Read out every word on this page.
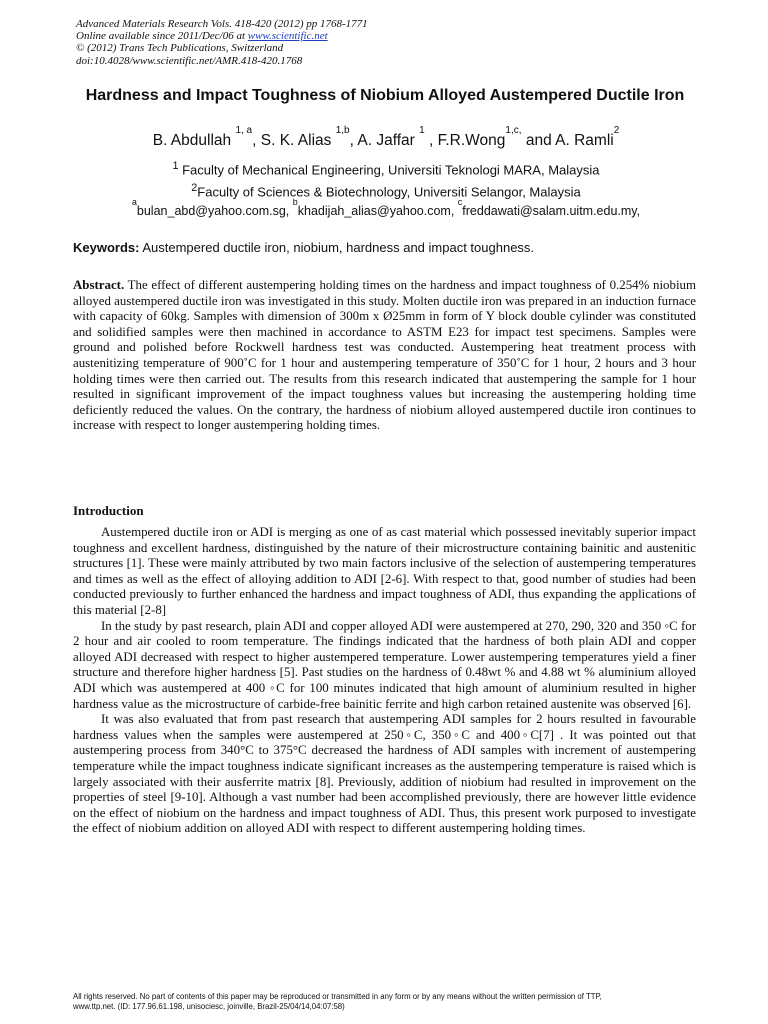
Advanced Materials Research Vols. 418-420 (2012) pp 1768-1771
Online available since 2011/Dec/06 at www.scientific.net
© (2012) Trans Tech Publications, Switzerland
doi:10.4028/www.scientific.net/AMR.418-420.1768
Hardness and Impact Toughness of Niobium Alloyed Austempered Ductile Iron
B. Abdullah $^{1, a}$, S. K. Alias $^{1,b}$, A. Jaffar $^1$ , F.R.Wong$^{1,c,}$ and A. Ramli$^2$
$^1$ Faculty of Mechanical Engineering, Universiti Teknologi MARA, Malaysia
$^2$Faculty of Sciences & Biotechnology, Universiti Selangor, Malaysia
$^a$bulan_abd@yahoo.com.sg, $^b$khadijah_alias@yahoo.com, $^c$freddawati@salam.uitm.edu.my,
Keywords: Austempered ductile iron, niobium, hardness and impact toughness.
Abstract. The effect of different austempering holding times on the hardness and impact toughness of 0.254% niobium alloyed austempered ductile iron was investigated in this study. Molten ductile iron was prepared in an induction furnace with capacity of 60kg. Samples with dimension of 300m x Ø25mm in form of Y block double cylinder was constituted and solidified samples were then machined in accordance to ASTM E23 for impact test specimens. Samples were ground and polished before Rockwell hardness test was conducted. Austempering heat treatment process with austenitizing temperature of 900˚C for 1 hour and austempering temperature of 350˚C for 1 hour, 2 hours and 3 hour holding times were then carried out. The results from this research indicated that austempering the sample for 1 hour resulted in significant improvement of the impact toughness values but increasing the austempering holding time deficiently reduced the values. On the contrary, the hardness of niobium alloyed austempered ductile iron continues to increase with respect to longer austempering holding times.
Introduction

Austempered ductile iron or ADI is merging as one of as cast material which possessed inevitably superior impact toughness and excellent hardness, distinguished by the nature of their microstructure containing bainitic and austenitic structures [1]. These were mainly attributed by two main factors inclusive of the selection of austempering temperatures and times as well as the effect of alloying addition to ADI [2-6]. With respect to that, good number of studies had been conducted previously to further enhanced the hardness and impact toughness of ADI, thus expanding the applications of this material [2-8]

In the study by past research, plain ADI and copper alloyed ADI were austempered at 270, 290, 320 and 350 ◦C for 2 hour and air cooled to room temperature. The findings indicated that the hardness of both plain ADI and copper alloyed ADI decreased with respect to higher austempered temperature. Lower austempering temperatures yield a finer structure and therefore higher hardness [5]. Past studies on the hardness of 0.48wt % and 4.88 wt % aluminium alloyed ADI which was austempered at 400 ◦C for 100 minutes indicated that high amount of aluminium resulted in higher hardness value as the microstructure of carbide-free bainitic ferrite and high carbon retained austenite was observed [6].

It was also evaluated that from past research that austempering ADI samples for 2 hours resulted in favourable hardness values when the samples were austempered at 250◦C, 350◦C and 400◦C[7] . It was pointed out that austempering process from 340°C to 375°C decreased the hardness of ADI samples with increment of austempering temperature while the impact toughness indicate significant increases as the austempering temperature is raised which is largely associated with their ausferrite matrix [8]. Previously, addition of niobium had resulted in improvement on the properties of steel [9-10]. Although a vast number had been accomplished previously, there are however little evidence on the effect of niobium on the hardness and impact toughness of ADI. Thus, this present work purposed to investigate the effect of niobium addition on alloyed ADI with respect to different austempering holding times.

All rights reserved. No part of contents of this paper may be reproduced or transmitted in any form or by any means without the written permission of TTP,
www.ttp.net. (ID: 177.96.61.198, unisociesc, joinville, Brazil-25/04/14,04:07:58)
